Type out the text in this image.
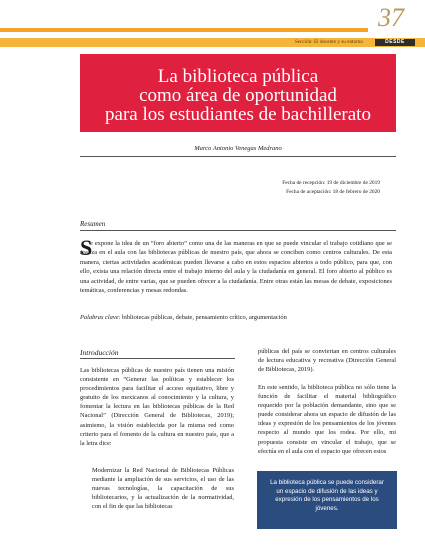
37
Sección: El docente y su entorno	DESDE
La biblioteca pública
como área de oportunidad
para los estudiantes de bachillerato
Marco Antonio Venegas Medrano
Fecha de recepción: 19 de diciembre de 2019
Fecha de aceptación: 18 de febrero de 2020
Resumen
S
e expone la idea de un “foro abierto” como una de las maneras en que se puede vincular el trabajo cotidiano que se realiza en el aula con las bibliotecas públicas de nuestro país, que ahora se conciben como centros culturales. De esta manera, ciertas actividades académicas pueden llevarse a cabo en estos espacios abiertos a todo público, para que, con ello, exista una relación directa entre el trabajo interno del aula y la ciudadanía en general. El foro abierto al público es una actividad, de entre varias, que se pueden ofrecer a la ciudadanía. Entre otras están las mesas de debate, exposiciones temáticas, conferencias y mesas redondas.
Palabras clave: bibliotecas públicas, debate, pensamiento crítico, argumentación
Introducción
Las bibliotecas públicas de nuestro país tienen una misión consistente en “Generar las políticas y establecer los procedimientos para facilitar el acceso equitativo, libre y gratuito de los mexicanos al conocimiento y la cultura, y fomentar la lectura en las bibliotecas públicas de la Red Nacional” (Dirección General de Bibliotecas, 2019); asimismo, la visión establecida por la misma red como criterio para el fomento de la cultura en nuestro país, que a la letra dice:
Modernizar la Red Nacional de Bibliotecas Públicas mediante la ampliación de sus servicios, el uso de las nuevas tecnologías, la capacitación de sus bibliotecarios, y la actualización de la normatividad, con el fin de que las bibliotecas
públicas del país se conviertan en centros culturales de lectura educativa y recreativa (Dirección General de Bibliotecas, 2019).
En este sentido, la biblioteca pública no sólo tiene la función de facilitar el material bibliográfico requerido por la población demandante, sino que se puede considerar ahora un espacio de difusión de las ideas y expresión de los pensamientos de los jóvenes respecto al mundo que los rodea. Por ello, mi propuesta consiste en vincular el trabajo, que se efectúa en el aula con el espacio que ofrecen estos
La biblioteca pública se puede considerar un espacio de difusión de las ideas y expresión de los pensamientos de los jóvenes.
